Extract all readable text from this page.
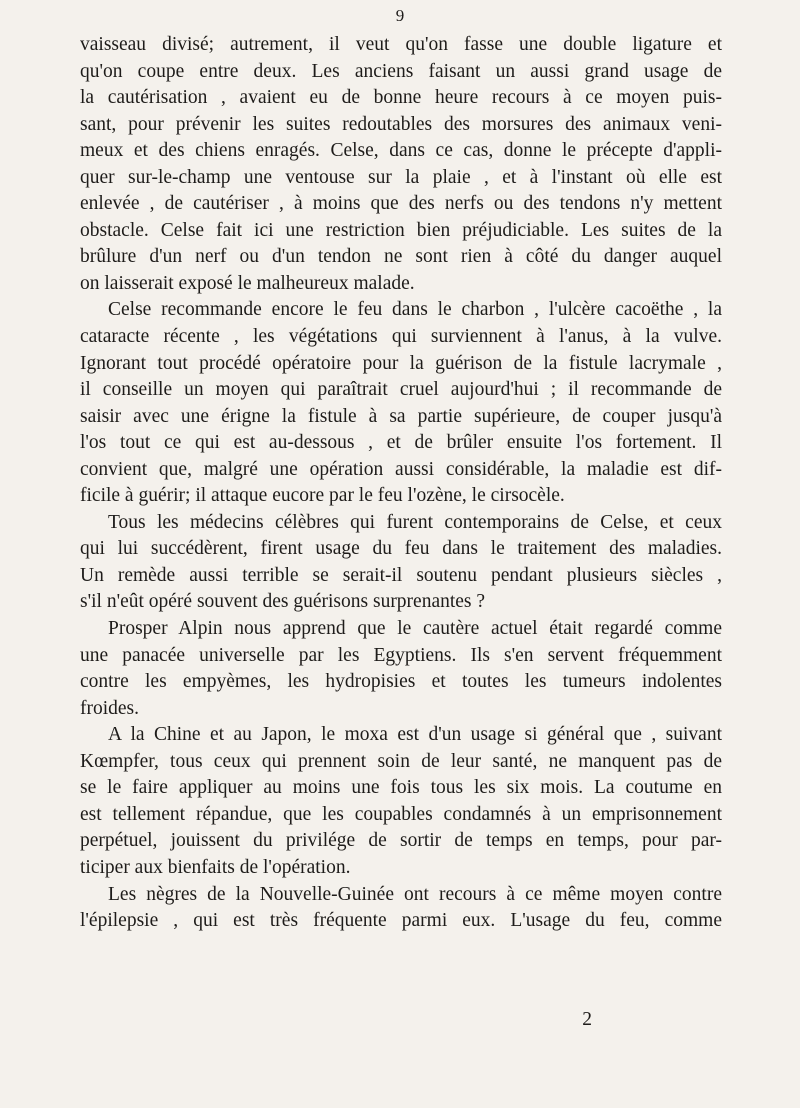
9
vaisseau divisé; autrement, il veut qu'on fasse une double ligature et
qu'on coupe entre deux. Les anciens faisant un aussi grand usage de
la cautérisation , avaient eu de bonne heure recours à ce moyen puis-
sant, pour prévenir les suites redoutables des morsures des animaux veni-
meux et des chiens enragés. Celse, dans ce cas, donne le précepte d'appli-
quer sur-le-champ une ventouse sur la plaie , et à l'instant où elle est
enlevée , de cautériser , à moins que des nerfs ou des tendons n'y mettent
obstacle. Celse fait ici une restriction bien préjudiciable. Les suites de la
brûlure d'un nerf ou d'un tendon ne sont rien à côté du danger auquel
on laisserait exposé le malheureux malade.
Celse recommande encore le feu dans le charbon , l'ulcère cacoëthe , la
cataracte récente , les végétations qui surviennent à l'anus, à la vulve.
Ignorant tout procédé opératoire pour la guérison de la fistule lacrymale ,
il conseille un moyen qui paraîtrait cruel aujourd'hui ; il recommande de
saisir avec une érigne la fistule à sa partie supérieure, de couper jusqu'à
l'os tout ce qui est au-dessous , et de brûler ensuite l'os fortement. Il
convient que, malgré une opération aussi considérable, la maladie est dif-
ficile à guérir; il attaque eucore par le feu l'ozène, le cirsocèle.
Tous les médecins célèbres qui furent contemporains de Celse, et ceux
qui lui succédèrent, firent usage du feu dans le traitement des maladies.
Un remède aussi terrible se serait-il soutenu pendant plusieurs siècles ,
s'il n'eût opéré souvent des guérisons surprenantes ?
Prosper Alpin nous apprend que le cautère actuel était regardé comme
une panacée universelle par les Egyptiens. Ils s'en servent fréquemment
contre les empyèmes, les hydropisies et toutes les tumeurs indolentes
froides.
A la Chine et au Japon, le moxa est d'un usage si général que , suivant
Kœmpfer, tous ceux qui prennent soin de leur santé, ne manquent pas de
se le faire appliquer au moins une fois tous les six mois. La coutume en
est tellement répandue, que les coupables condamnés à un emprisonnement
perpétuel, jouissent du privilége de sortir de temps en temps, pour par-
ticiper aux bienfaits de l'opération.
Les nègres de la Nouvelle-Guinée ont recours à ce même moyen contre
l'épilepsie , qui est très fréquente parmi eux. L'usage du feu, comme
2
